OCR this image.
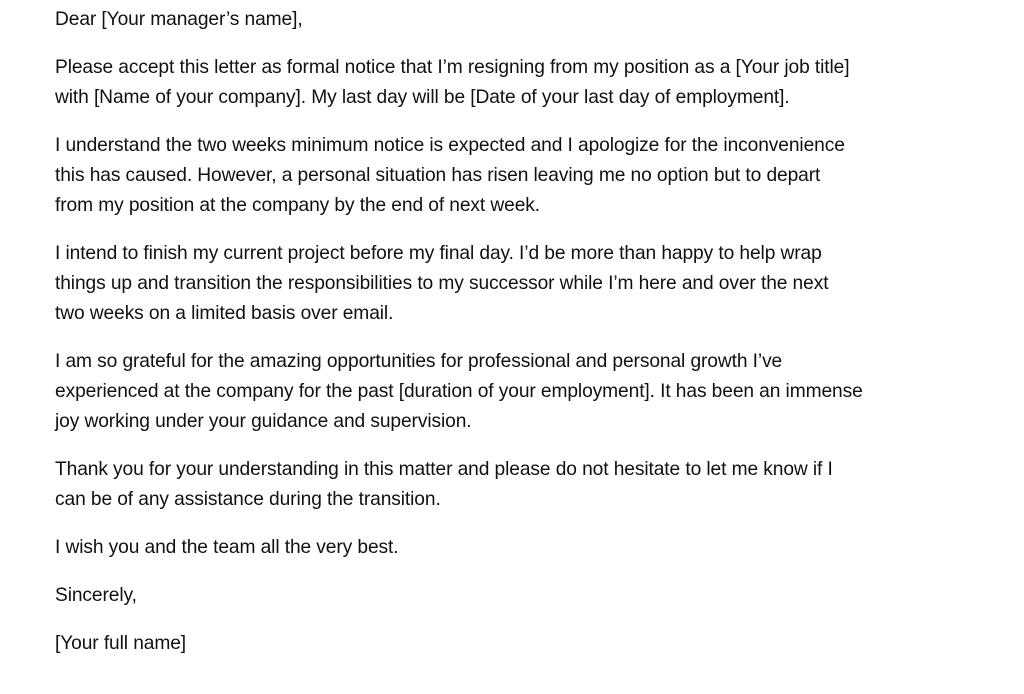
Dear [Your manager’s name],

Please accept this letter as formal notice that I’m resigning from my position as a [Your job title]
with [Name of your company]. My last day will be [Date of your last day of employment].

I understand the two weeks minimum notice is expected and I apologize for the inconvenience
this has caused. However, a personal situation has risen leaving me no option but to depart
from my position at the company by the end of next week.

I intend to finish my current project before my final day. I’d be more than happy to help wrap
things up and transition the responsibilities to my successor while I’m here and over the next
two weeks on a limited basis over email.

I am so grateful for the amazing opportunities for professional and personal growth I’ve
experienced at the company for the past [duration of your employment]. It has been an immense
joy working under your guidance and supervision.

Thank you for your understanding in this matter and please do not hesitate to let me know if I
can be of any assistance during the transition.

I wish you and the team all the very best.

Sincerely,

[Your full name]
